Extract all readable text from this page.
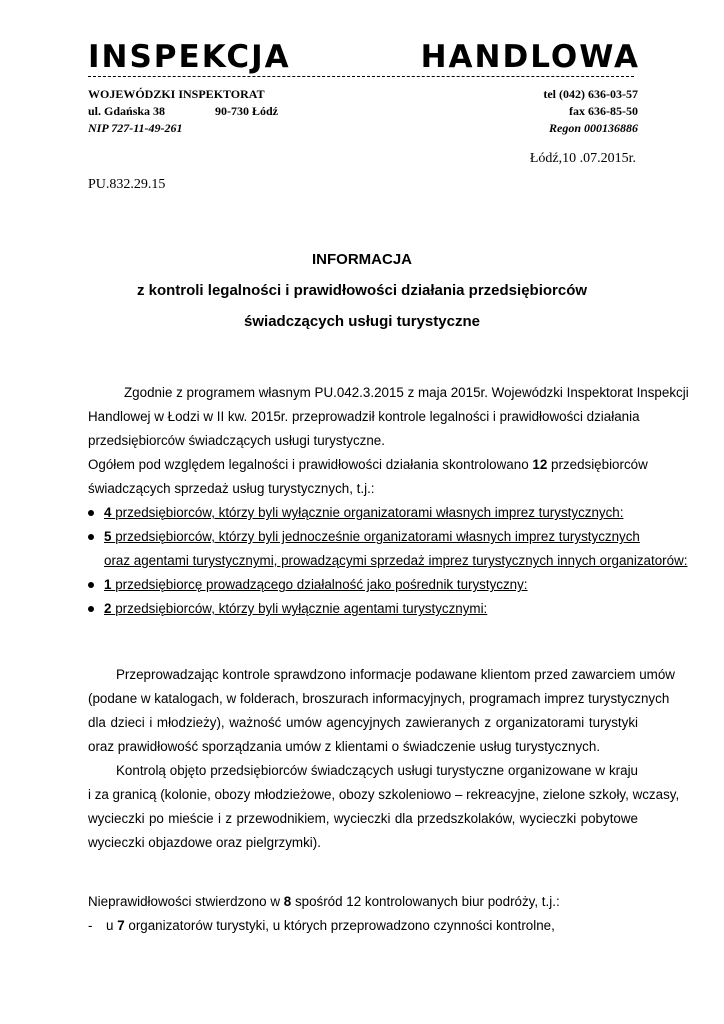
INSPEKCJA	HANDLOWA
WOJEWÓDZKI INSPEKTORAT
ul. Gdańska 38	90-730 Łódź
NIP 727-11-49-261
tel (042) 636-03-57
fax 636-85-50
Regon 000136886
Łódź,10 .07.2015r.
PU.832.29.15
INFORMACJA
z kontroli legalności i prawidłowości działania przedsiębiorców
świadczących usługi turystyczne
Zgodnie z programem własnym PU.042.3.2015 z maja 2015r. Wojewódzki Inspektorat Inspekcji
Handlowej w Łodzi w II kw. 2015r. przeprowadził kontrole legalności i prawidłowości działania
przedsiębiorców świadczących usługi turystyczne.
Ogółem pod względem legalności i prawidłowości działania skontrolowano 12 przedsiębiorców
świadczących sprzedaż usług turystycznych, t.j.:
4 przedsiębiorców, którzy byli wyłącznie organizatorami własnych imprez turystycznych:
5 przedsiębiorców, którzy byli jednocześnie organizatorami własnych imprez turystycznych
oraz agentami turystycznymi, prowadzącymi sprzedaż imprez turystycznych innych organizatorów:
1 przedsiębiorcę prowadzącego działalność jako pośrednik turystyczny:
2 przedsiębiorców, którzy byli wyłącznie agentami turystycznymi:
Przeprowadzając kontrole sprawdzono informacje podawane klientom przed zawarciem umów
(podane w katalogach, w folderach, broszurach informacyjnych, programach imprez turystycznych
dla dzieci i młodzieży), ważność umów agencyjnych zawieranych z organizatorami turystyki
oraz prawidłowość sporządzania umów z klientami o świadczenie usług turystycznych.
Kontrolą objęto przedsiębiorców świadczących usługi turystyczne organizowane w kraju
i za granicą (kolonie, obozy młodzieżowe, obozy szkoleniowo – rekreacyjne, zielone szkoły, wczasy,
wycieczki po mieście i z przewodnikiem, wycieczki dla przedszkolaków, wycieczki pobytowe
wycieczki objazdowe oraz pielgrzymki).
Nieprawidłowości stwierdzono w 8 spośród 12 kontrolowanych biur podróży, t.j.:
- u 7 organizatorów turystyki, u których przeprowadzono czynności kontrolne,
